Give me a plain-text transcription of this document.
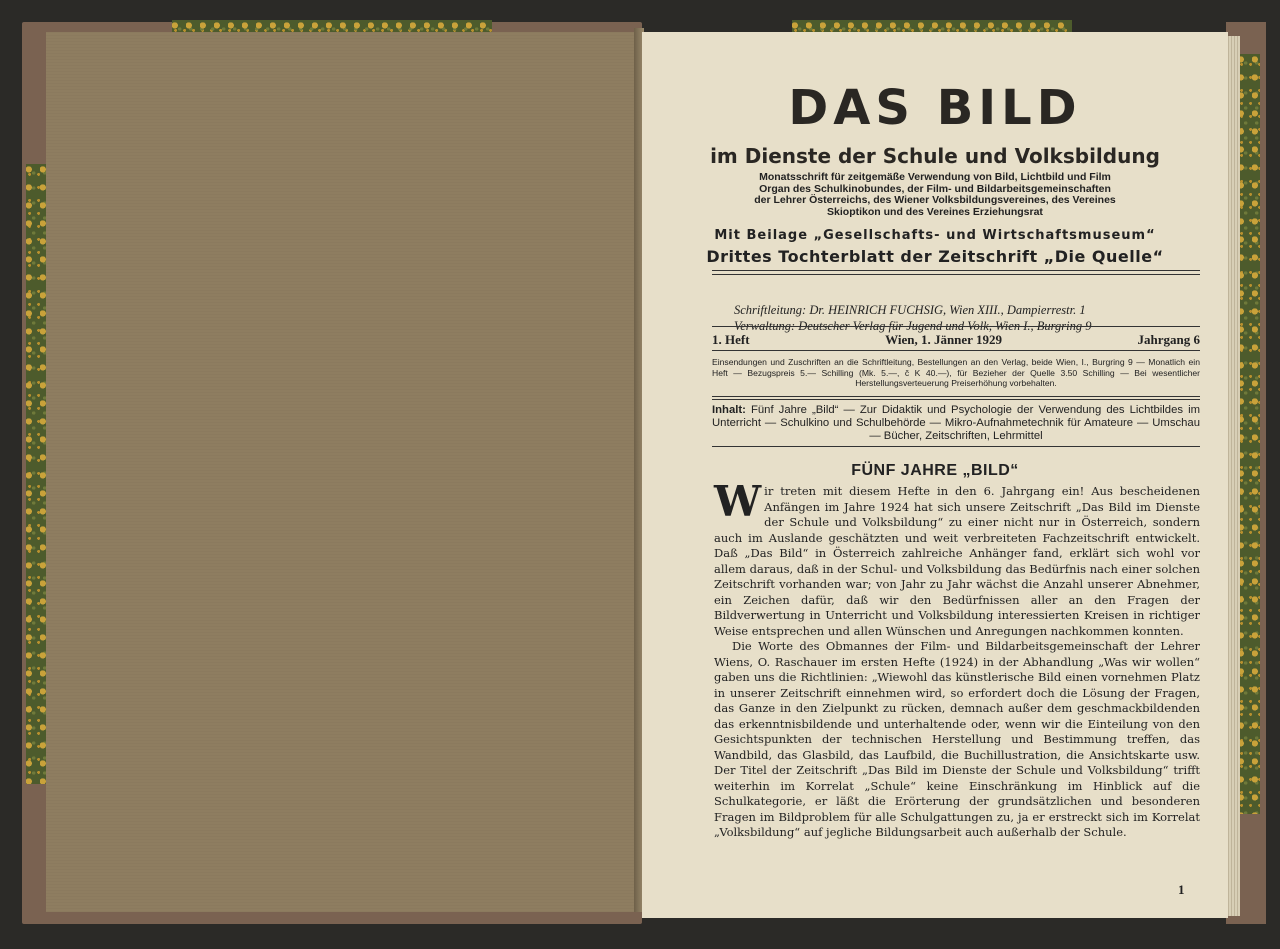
DAS BILD
im Dienste der Schule und Volksbildung
Monatsschrift für zeitgemäße Verwendung von Bild, Lichtbild und Film
Organ des Schulkinobundes, der Film- und Bildarbeitsgemeinschaften
der Lehrer Österreichs, des Wiener Volksbildungsvereines, des Vereines
Skioptikon und des Vereines Erziehungsrat
Mit Beilage „Gesellschafts- und Wirtschaftsmuseum“
Drittes Tochterblatt der Zeitschrift „Die Quelle“
Schriftleitung: Dr. HEINRICH FUCHSIG, Wien XIII., Dampierrestr. 1
Verwaltung: Deutscher Verlag für Jugend und Volk, Wien I., Burgring 9
1. Heft	Wien, 1. Jänner 1929	Jahrgang 6
Einsendungen und Zuschriften an die Schriftleitung, Bestellungen an den Verlag, beide Wien, I., Burgring 9 — Monatlich ein Heft — Bezugspreis 5.— Schilling (Mk. 5.—, č K 40.—), für Bezieher der Quelle 3.50 Schilling — Bei wesentlicher Herstellungsverteuerung Preiserhöhung vorbehalten.
Inhalt: Fünf Jahre „Bild“ — Zur Didaktik und Psychologie der Verwendung des Lichtbildes im Unterricht — Schulkino und Schulbehörde — Mikro-Aufnahmetechnik für Amateure — Umschau — Bücher, Zeitschriften, Lehrmittel
FÜNF JAHRE „BILD“

Wir treten mit diesem Hefte in den 6. Jahrgang ein! Aus bescheidenen Anfängen im Jahre 1924 hat sich unsere Zeitschrift „Das Bild im Dienste der Schule und Volksbildung“ zu einer nicht nur in Österreich, sondern auch im Auslande geschätzten und weit verbreiteten Fachzeitschrift entwickelt. Daß „Das Bild“ in Österreich zahlreiche Anhänger fand, erklärt sich wohl vor allem daraus, daß in der Schul- und Volksbildung das Bedürfnis nach einer solchen Zeitschrift vorhanden war; von Jahr zu Jahr wächst die Anzahl unserer Abnehmer, ein Zeichen dafür, daß wir den Bedürfnissen aller an den Fragen der Bildverwertung in Unterricht und Volksbildung interessierten Kreisen in richtiger Weise entsprechen und allen Wünschen und Anregungen nachkommen konnten.

Die Worte des Obmannes der Film- und Bildarbeitsgemeinschaft der Lehrer Wiens, O. Raschauer im ersten Hefte (1924) in der Abhandlung „Was wir wollen“ gaben uns die Richtlinien: „Wiewohl das künstlerische Bild einen vornehmen Platz in unserer Zeitschrift einnehmen wird, so erfordert doch die Lösung der Fragen, das Ganze in den Zielpunkt zu rücken, demnach außer dem geschmackbildenden das erkenntnisbildende und unterhaltende oder, wenn wir die Einteilung von den Gesichtspunkten der technischen Herstellung und Bestimmung treffen, das Wandbild, das Glasbild, das Laufbild, die Buchillustration, die Ansichtskarte usw. Der Titel der Zeitschrift „Das Bild im Dienste der Schule und Volksbildung“ trifft weiterhin im Korrelat „Schule“ keine Einschränkung im Hinblick auf die Schulkategorie, er läßt die Erörterung der grundsätzlichen und besonderen Fragen im Bildproblem für alle Schulgattungen zu, ja er erstreckt sich im Korrelat „Volksbildung“ auf jegliche Bildungsarbeit auch außerhalb der Schule.

1
